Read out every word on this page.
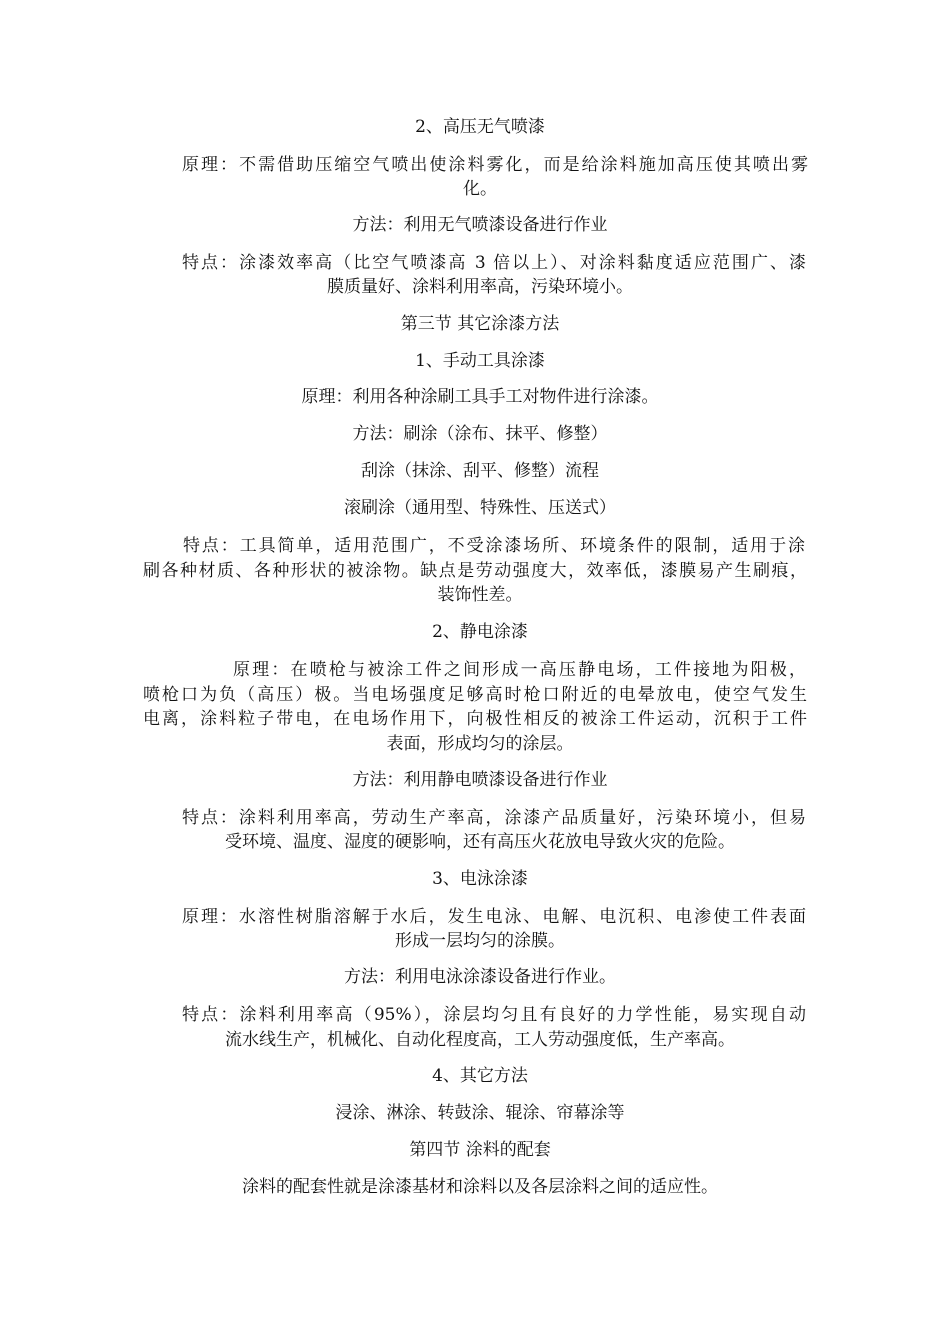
2、高压无气喷漆

原理：不需借助压缩空气喷出使涂料雾化，而是给涂料施加高压使其喷出雾

化。

方法：利用无气喷漆设备进行作业

特点：涂漆效率高（比空气喷漆高 3 倍以上）、对涂料黏度适应范围广、漆

膜质量好、涂料利用率高，污染环境小。

第三节 其它涂漆方法

1、手动工具涂漆

原理：利用各种涂刷工具手工对物件进行涂漆。

方法：刷涂（涂布、抹平、修整）

刮涂（抹涂、刮平、修整）流程

滚刷涂（通用型、特殊性、压送式）

特点：工具简单，适用范围广，不受涂漆场所、环境条件的限制，适用于涂

刷各种材质、各种形状的被涂物。缺点是劳动强度大，效率低，漆膜易产生刷痕，

装饰性差。

2、静电涂漆

原理：在喷枪与被涂工件之间形成一高压静电场，工件接地为阳极，

喷枪口为负（高压）极。当电场强度足够高时枪口附近的电晕放电，使空气发生

电离，涂料粒子带电，在电场作用下，向极性相反的被涂工件运动，沉积于工件

表面，形成均匀的涂层。

方法：利用静电喷漆设备进行作业

特点：涂料利用率高，劳动生产率高，涂漆产品质量好，污染环境小，但易

受环境、温度、湿度的硬影响，还有高压火花放电导致火灾的危险。

3、电泳涂漆

原理：水溶性树脂溶解于水后，发生电泳、电解、电沉积、电渗使工件表面

形成一层均匀的涂膜。

方法：利用电泳涂漆设备进行作业。

特点：涂料利用率高（95%），涂层均匀且有良好的力学性能，易实现自动

流水线生产，机械化、自动化程度高，工人劳动强度低，生产率高。

4、其它方法

浸涂、淋涂、转鼓涂、辊涂、帘幕涂等

第四节 涂料的配套

涂料的配套性就是涂漆基材和涂料以及各层涂料之间的适应性。
